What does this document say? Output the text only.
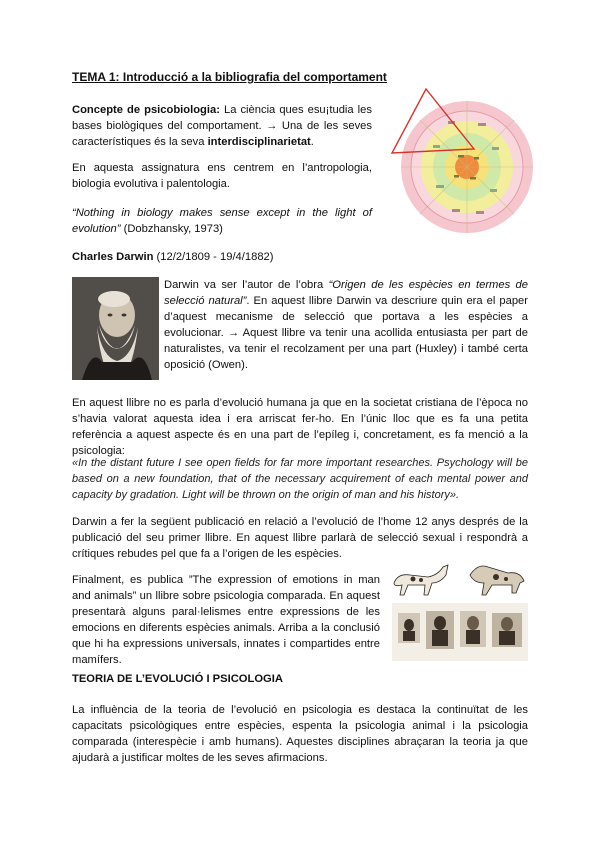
TEMA 1: Introducció a la bibliografia del comportament
Concepte de psicobiologia: La ciència ques esu¡tudia les bases biològiques del comportament. → Una de les seves característiques és la seva interdisciplinarietat.
En aquesta assignatura ens centrem en l’antropologia, biologia evolutiva i palentologia.
“Nothing in biology makes sense except in the light of evolution” (Dobzhansky, 1973)
Charles Darwin (12/2/1809 - 19/4/1882)
Darwin va ser l’autor de l’obra “Origen de les espècies en termes de selecció natural”. En aquest llibre Darwin va descriure quin era el paper d’aquest mecanisme de selecció que portava a les espècies a evolucionar. → Aquest llibre va tenir una acollida entusiasta per part de naturalistes, va tenir el recolzament per una part (Huxley) i també certa oposició (Owen).
En aquest llibre no es parla d’evolució humana ja que en la societat cristiana de l’època no s’havia valorat aquesta idea i era arriscat fer-ho. En l’únic lloc que es fa una petita referència a aquest aspecte és en una part de l’epíleg i, concretament, es fa menció a la psicologia:
«In the distant future I see open fields for far more important researches. Psychology will be based on a new foundation, that of the necessary acquirement of each mental power and capacity by gradation. Light will be thrown on the origin of man and his history».
Darwin a fer la següent publicació en relació a l’evolució de l’home 12 anys després de la publicació del seu primer llibre. En aquest llibre parlarà de selecció sexual i respondrà a crítiques rebudes pel que fa a l’origen de les espècies.
Finalment, es publica ”The expression of emotions in man and animals” un llibre sobre psicologia comparada. En aquest presentarà alguns paral·lelismes entre expressions de les emocions en diferents espècies animals. Arriba a la conclusió que hi ha expressions universals, innates i compartides entre mamífers.
TEORIA DE L’EVOLUCIÓ I PSICOLOGIA
La influència de la teoria de l’evolució en psicologia es destaca la continuïtat de les capacitats psicològiques entre espècies, espenta la psicologia animal i la psicologia comparada (interespècie i amb humans). Aquestes disciplines abraçaran la teoria ja que ajudarà a justificar moltes de les seves afirmacions.
